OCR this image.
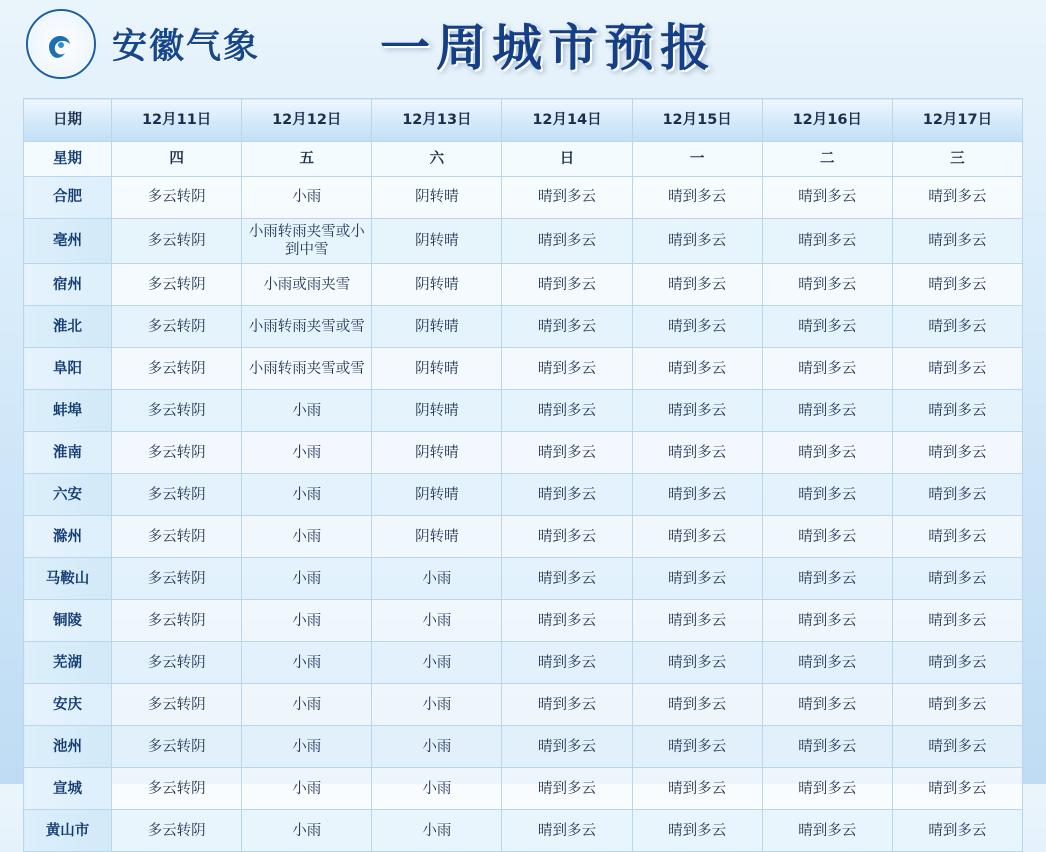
安徽气象 一周城市预报
日期	12月11日	12月12日	12月13日	12月14日	12月15日	12月16日	12月17日
星期	四	五	六	日	一	二	三
合肥	多云转阴	小雨	阴转晴	晴到多云	晴到多云	晴到多云	晴到多云
亳州	多云转阴	小雨转雨夹雪或小到中雪	阴转晴	晴到多云	晴到多云	晴到多云	晴到多云
宿州	多云转阴	小雨或雨夹雪	阴转晴	晴到多云	晴到多云	晴到多云	晴到多云
淮北	多云转阴	小雨转雨夹雪或雪	阴转晴	晴到多云	晴到多云	晴到多云	晴到多云
阜阳	多云转阴	小雨转雨夹雪或雪	阴转晴	晴到多云	晴到多云	晴到多云	晴到多云
蚌埠	多云转阴	小雨	阴转晴	晴到多云	晴到多云	晴到多云	晴到多云
淮南	多云转阴	小雨	阴转晴	晴到多云	晴到多云	晴到多云	晴到多云
六安	多云转阴	小雨	阴转晴	晴到多云	晴到多云	晴到多云	晴到多云
滁州	多云转阴	小雨	阴转晴	晴到多云	晴到多云	晴到多云	晴到多云
马鞍山	多云转阴	小雨	小雨	晴到多云	晴到多云	晴到多云	晴到多云
铜陵	多云转阴	小雨	小雨	晴到多云	晴到多云	晴到多云	晴到多云
芜湖	多云转阴	小雨	小雨	晴到多云	晴到多云	晴到多云	晴到多云
安庆	多云转阴	小雨	小雨	晴到多云	晴到多云	晴到多云	晴到多云
池州	多云转阴	小雨	小雨	晴到多云	晴到多云	晴到多云	晴到多云
宣城	多云转阴	小雨	小雨	晴到多云	晴到多云	晴到多云	晴到多云
黄山市	多云转阴	小雨	小雨	晴到多云	晴到多云	晴到多云	晴到多云
